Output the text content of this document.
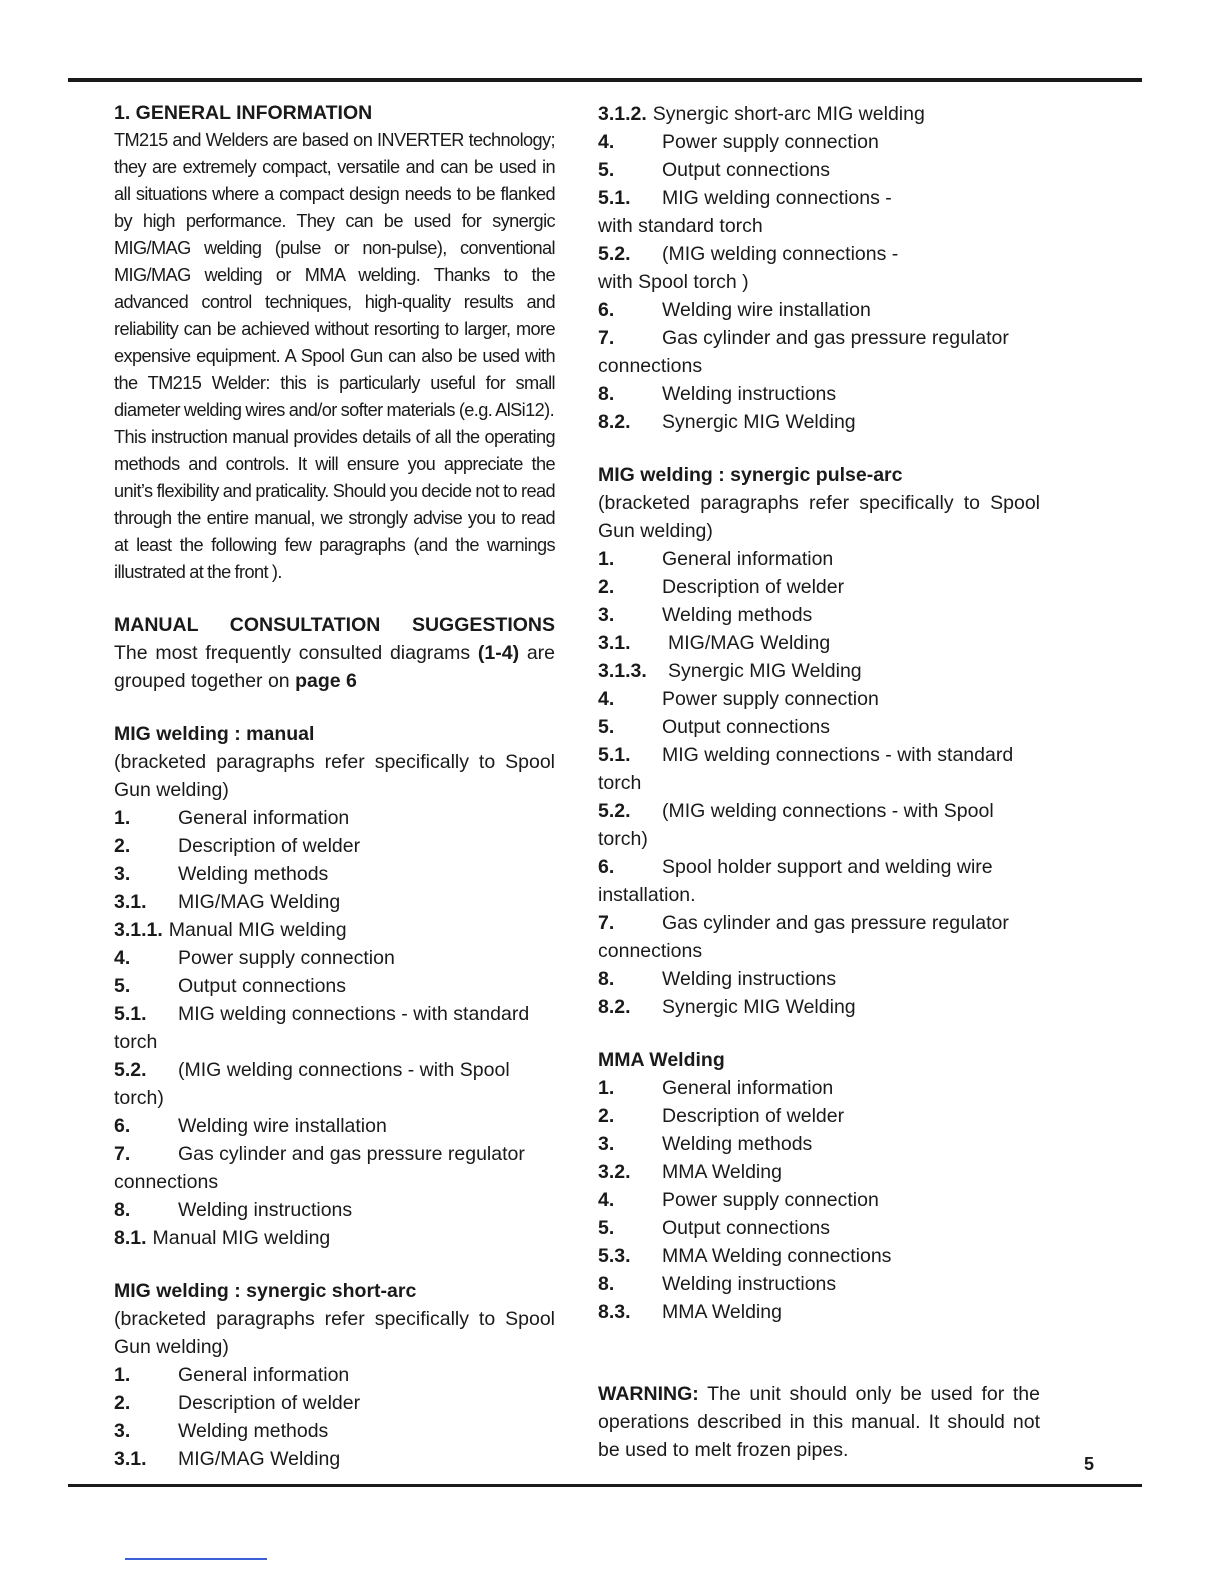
1. GENERAL INFORMATION

TM215 and Welders are based on INVERTER technology; they are extremely compact, versatile and can be used in all situations where a compact design needs to be flanked by high performance. They can be used for synergic MIG/MAG welding (pulse or non-pulse), conventional MIG/MAG welding or MMA welding. Thanks to the advanced control techniques, high-quality results and reliability can be achieved without resorting to larger, more expensive equipment. A Spool Gun can also be used with the TM215 Welder: this is particularly useful for small diameter welding wires and/or softer materials (e.g. AlSi12).

This instruction manual provides details of all the operating methods and controls. It will ensure you appreciate the unit’s flexibility and praticality. Should you decide not to read through the entire manual, we strongly advise you to read at least the following few paragraphs (and the warnings illustrated at the front ).

MANUAL CONSULTATION SUGGESTIONS

The most frequently consulted diagrams (1-4) are grouped together on page 6

MIG welding : manual

(bracketed paragraphs refer specifically to Spool Gun welding)

1. General information

2. Description of welder

3. Welding methods

3.1. MIG/MAG Welding

3.1.1. Manual MIG welding

4. Power supply connection

5. Output connections

5.1. MIG welding connections - with standard

torch

5.2. (MIG welding connections - with Spool

torch)

6. Welding wire installation

7. Gas cylinder and gas pressure regulator

connections

8. Welding instructions

8.1. Manual MIG welding

MIG welding : synergic short-arc

(bracketed paragraphs refer specifically to Spool Gun welding)

1. General information

2. Description of welder

3. Welding methods

3.1. MIG/MAG Welding

3.1.2. Synergic short-arc MIG welding

4. Power supply connection

5. Output connections

5.1. MIG welding connections -

with standard torch

5.2. (MIG welding connections -

with Spool torch )

6. Welding wire installation

7. Gas cylinder and gas pressure regulator

connections

8. Welding instructions

8.2. Synergic MIG Welding

MIG welding : synergic pulse-arc

(bracketed paragraphs refer specifically to Spool Gun welding)

1. General information

2. Description of welder

3. Welding methods

3.1. MIG/MAG Welding

3.1.3. Synergic MIG Welding

4. Power supply connection

5. Output connections

5.1. MIG welding connections - with standard

torch

5.2. (MIG welding connections - with Spool

torch)

6. Spool holder support and welding wire

installation.

7. Gas cylinder and gas pressure regulator

connections

8. Welding instructions

8.2. Synergic MIG Welding

MMA Welding

1. General information

2. Description of welder

3. Welding methods

3.2. MMA Welding

4. Power supply connection

5. Output connections

5.3. MMA Welding connections

8. Welding instructions

8.3. MMA Welding

WARNING: The unit should only be used for the operations described in this manual. It should not be used to melt frozen pipes.

5
